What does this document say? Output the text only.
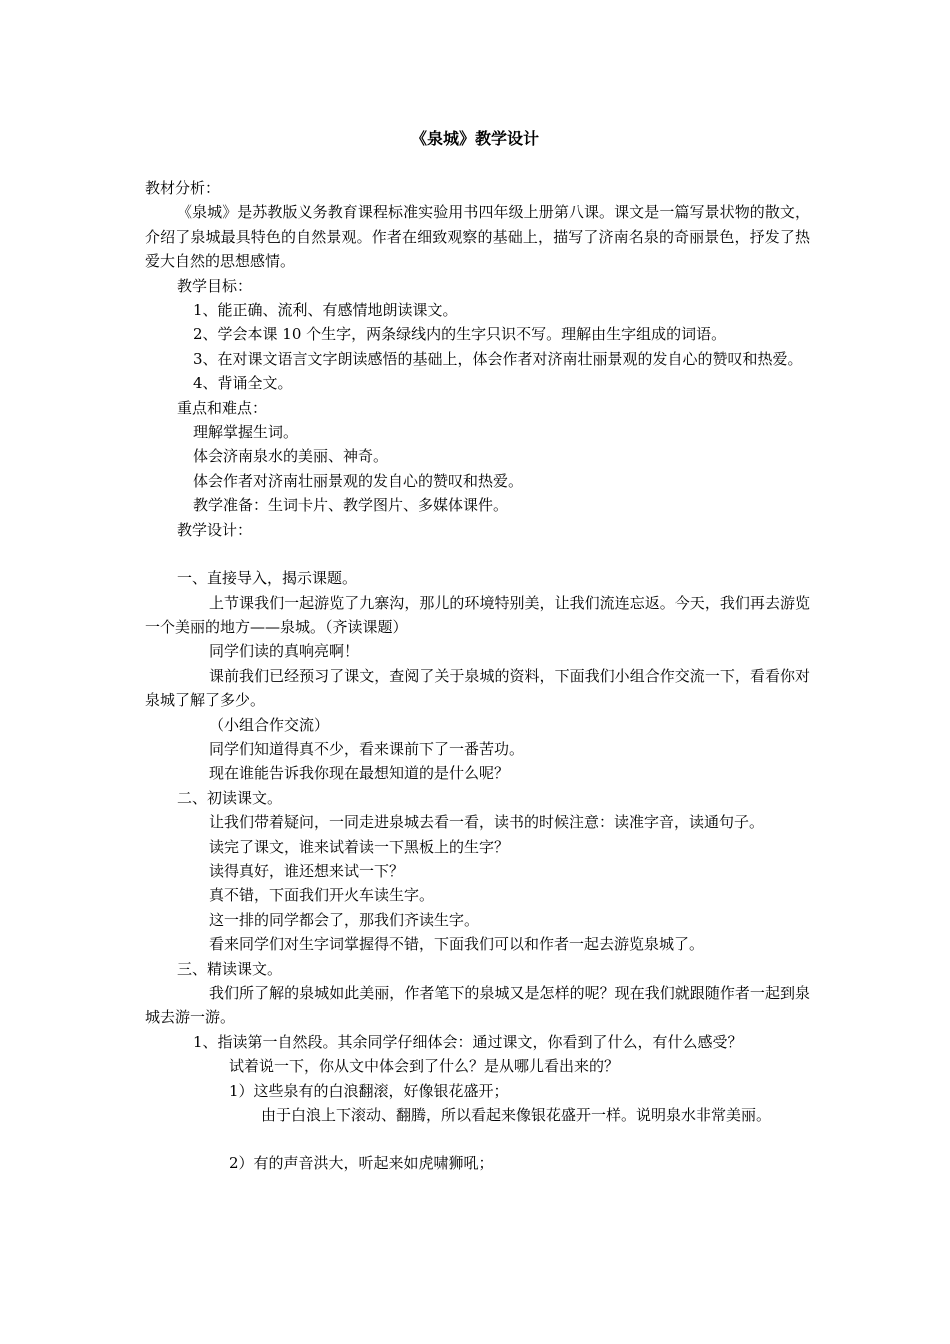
《泉城》教学设计

教材分析：

《泉城》是苏教版义务教育课程标准实验用书四年级上册第八课。课文是一篇写景状物的散文，介绍了泉城最具特色的自然景观。作者在细致观察的基础上，描写了济南名泉的奇丽景色，抒发了热爱大自然的思想感情。

教学目标：

1、能正确、流利、有感情地朗读课文。

2、学会本课 10 个生字，两条绿线内的生字只识不写。理解由生字组成的词语。

3、在对课文语言文字朗读感悟的基础上，体会作者对济南壮丽景观的发自心的赞叹和热爱。

4、背诵全文。

重点和难点：

理解掌握生词。

体会济南泉水的美丽、神奇。

体会作者对济南壮丽景观的发自心的赞叹和热爱。

教学准备：生词卡片、教学图片、多媒体课件。

教学设计：

一、直接导入，揭示课题。

上节课我们一起游览了九寨沟，那儿的环境特别美，让我们流连忘返。今天，我们再去游览一个美丽的地方——泉城。（齐读课题）

同学们读的真响亮啊！

课前我们已经预习了课文，查阅了关于泉城的资料，下面我们小组合作交流一下，看看你对泉城了解了多少。

（小组合作交流）

同学们知道得真不少，看来课前下了一番苦功。

现在谁能告诉我你现在最想知道的是什么呢？

二、初读课文。

让我们带着疑问，一同走进泉城去看一看，读书的时候注意：读准字音，读通句子。

读完了课文，谁来试着读一下黑板上的生字？

读得真好，谁还想来试一下？

真不错，下面我们开火车读生字。

这一排的同学都会了，那我们齐读生字。

看来同学们对生字词掌握得不错，下面我们可以和作者一起去游览泉城了。

三、精读课文。

我们所了解的泉城如此美丽，作者笔下的泉城又是怎样的呢？现在我们就跟随作者一起到泉城去游一游。

1、指读第一自然段。其余同学仔细体会：通过课文，你看到了什么，有什么感受？

试着说一下，你从文中体会到了什么？是从哪儿看出来的？

1）这些泉有的白浪翻滚，好像银花盛开；

由于白浪上下滚动、翻腾，所以看起来像银花盛开一样。说明泉水非常美丽。

2）有的声音洪大，听起来如虎啸狮吼；
